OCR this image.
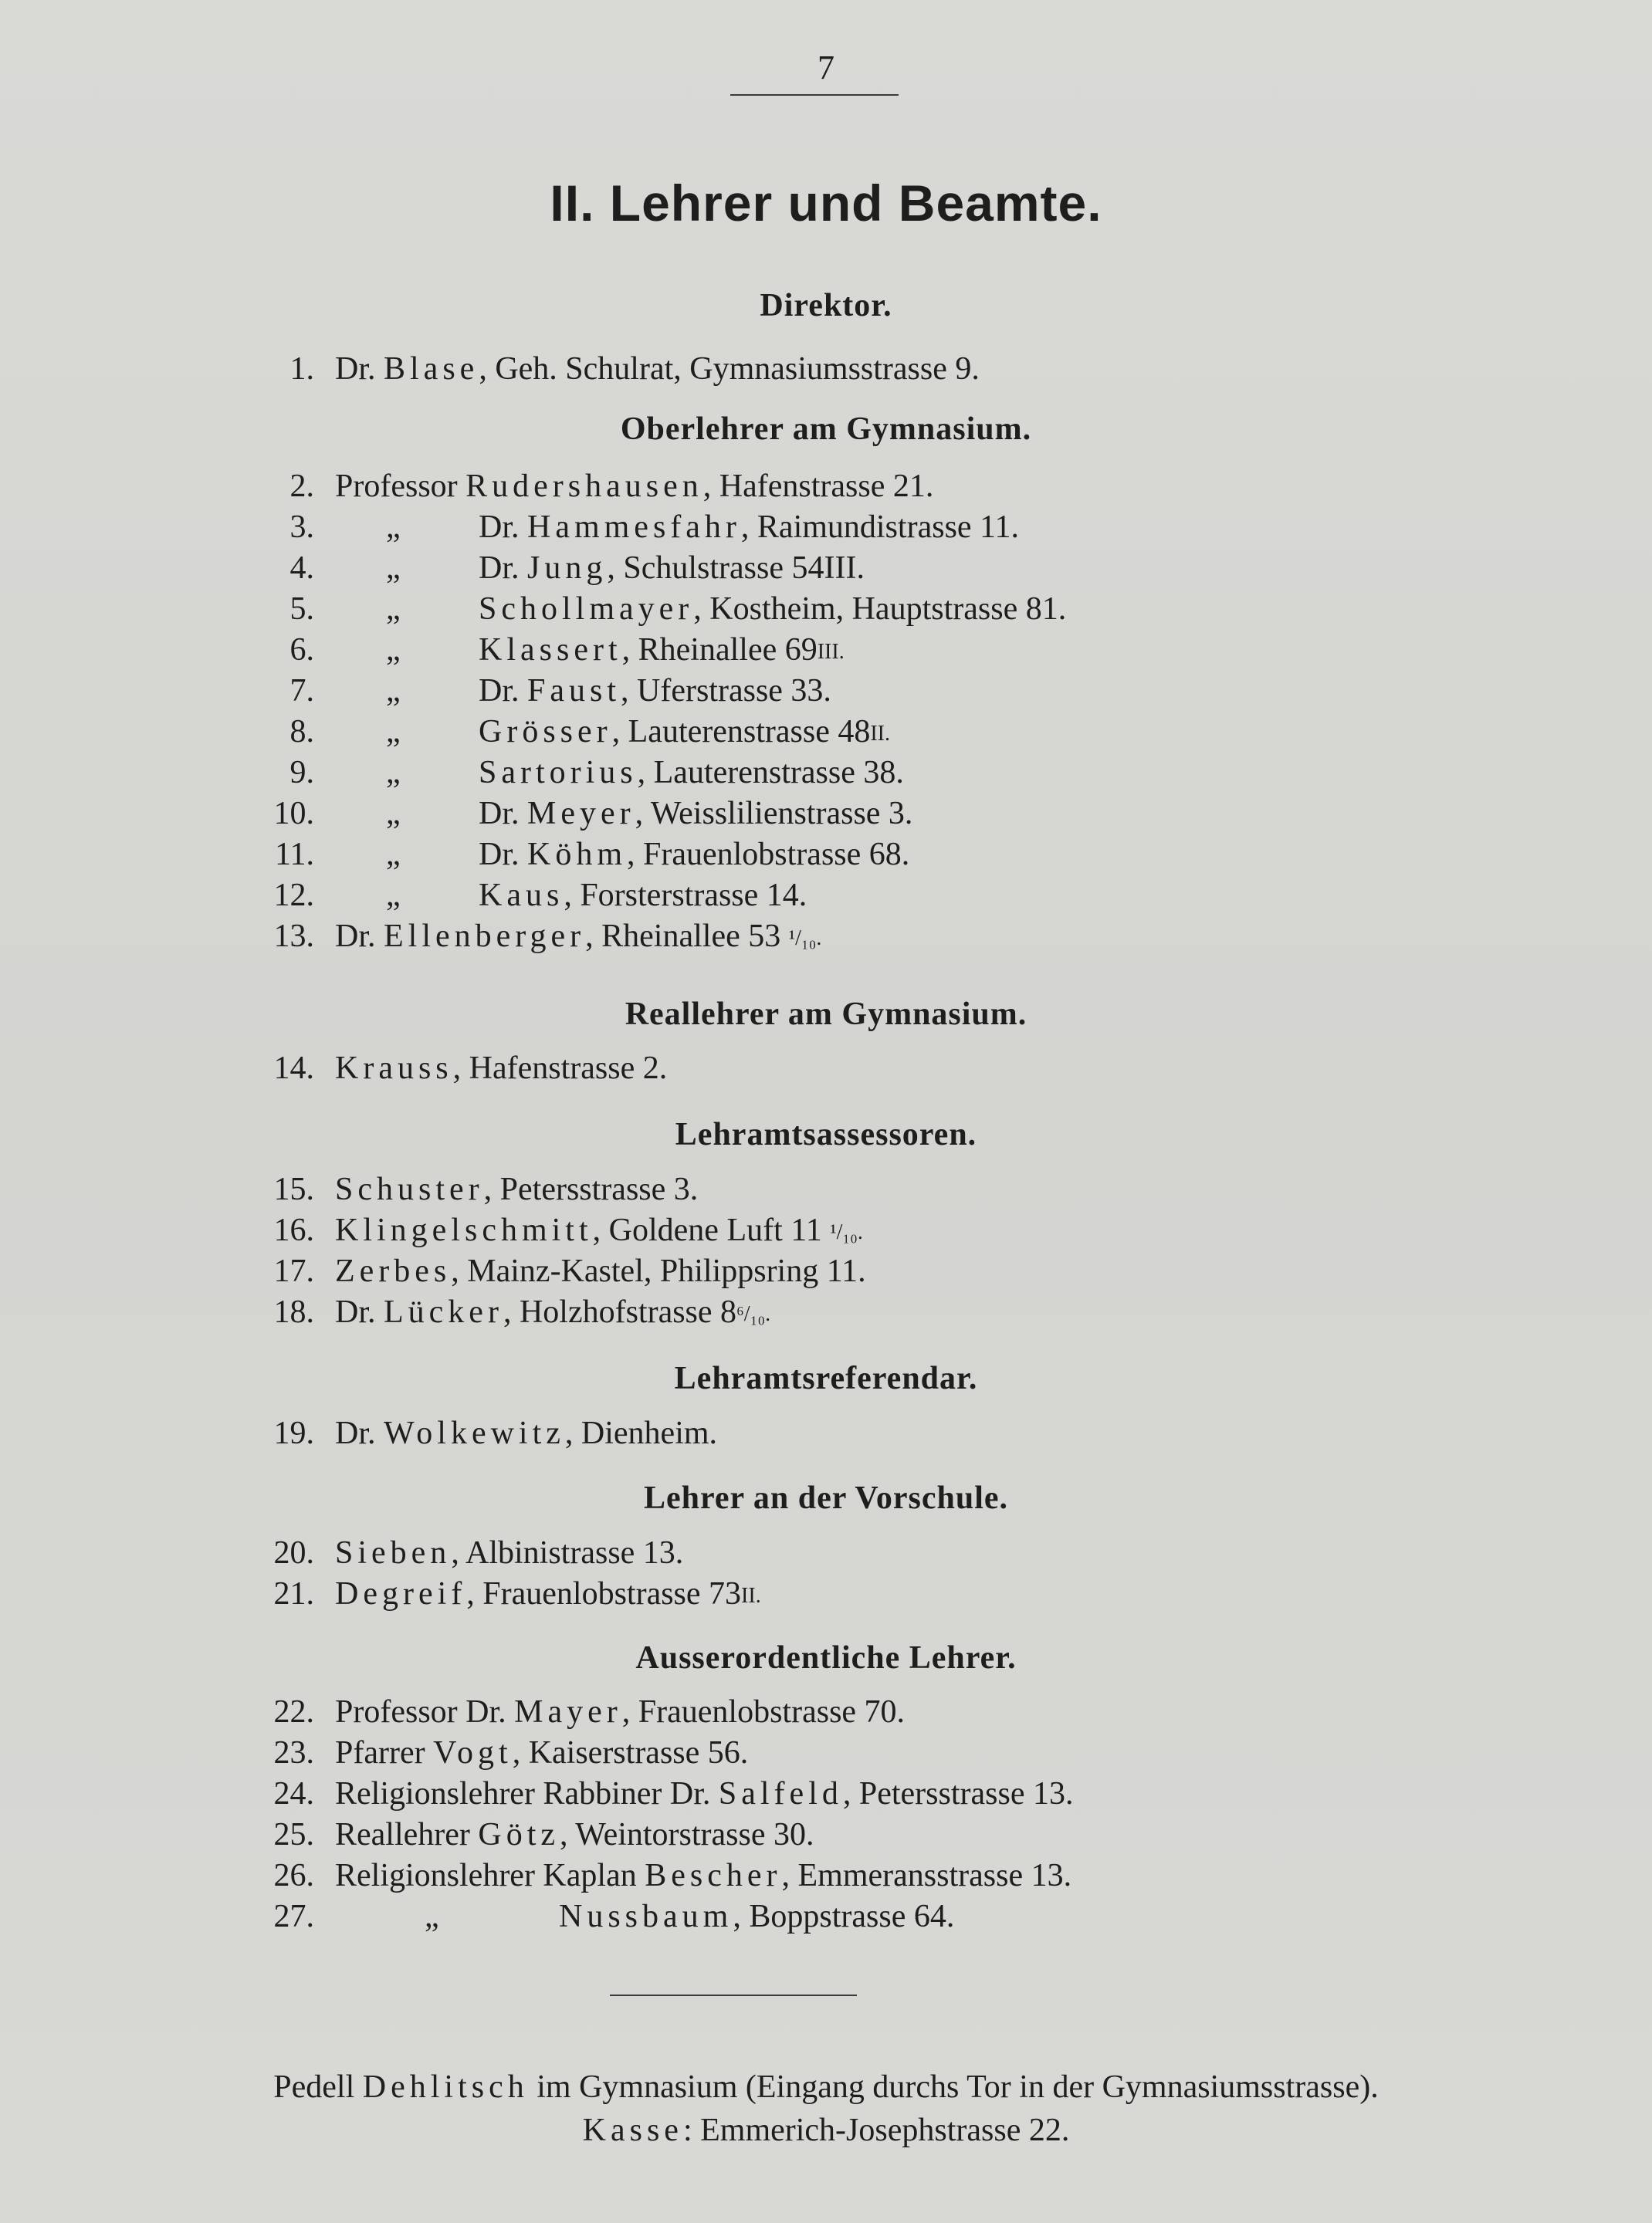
7
II. Lehrer und Beamte.
Direktor.
1. Dr. Blase, Geh. Schulrat, Gymnasiumsstrasse 9.
Oberlehrer am Gymnasium.
2. Professor Rudershausen, Hafenstrasse 21.
3. „ Dr. Hammesfahr, Raimundistrasse 11.
4. „ Dr. Jung, Schulstrasse 54III.
5. „ Schollmayer, Kostheim, Hauptstrasse 81.
6. „ Klassert, Rheinallee 69III.
7. „ Dr. Faust, Uferstrasse 33.
8. „ Grösser, Lauterenstrasse 48II.
9. „ Sartorius, Lauterenstrasse 38.
10. „ Dr. Meyer, Weisslilienstrasse 3.
11. „ Dr. Köhm, Frauenlobstrasse 68.
12. „ Kaus, Forsterstrasse 14.
13. Dr. Ellenberger, Rheinallee 53 ¹/₁₀.
Reallehrer am Gymnasium.
14. Krauss, Hafenstrasse 2.
Lehramtsassessoren.
15. Schuster, Petersstrasse 3.
16. Klingelschmitt, Goldene Luft 11 ¹/₁₀.
17. Zerbes, Mainz-Kastel, Philippsring 11.
18. Dr. Lücker, Holzhofstrasse 8⁶/₁₀.
Lehramtsreferendar.
19. Dr. Wolkewitz, Dienheim.
Lehrer an der Vorschule.
20. Sieben, Albinistrasse 13.
21. Degreif, Frauenlobstrasse 73II.
Ausserordentliche Lehrer.
22. Professor Dr. Mayer, Frauenlobstrasse 70.
23. Pfarrer Vogt, Kaiserstrasse 56.
24. Religionslehrer Rabbiner Dr. Salfeld, Petersstrasse 13.
25. Reallehrer Götz, Weintorstrasse 30.
26. Religionslehrer Kaplan Bescher, Emmeransstrasse 13.
27.	„	Nussbaum, Boppstrasse 64.
Pedell Dehlitsch im Gymnasium (Eingang durchs Tor in der Gymnasiumsstrasse).
Kasse: Emmerich-Josephstrasse 22.
